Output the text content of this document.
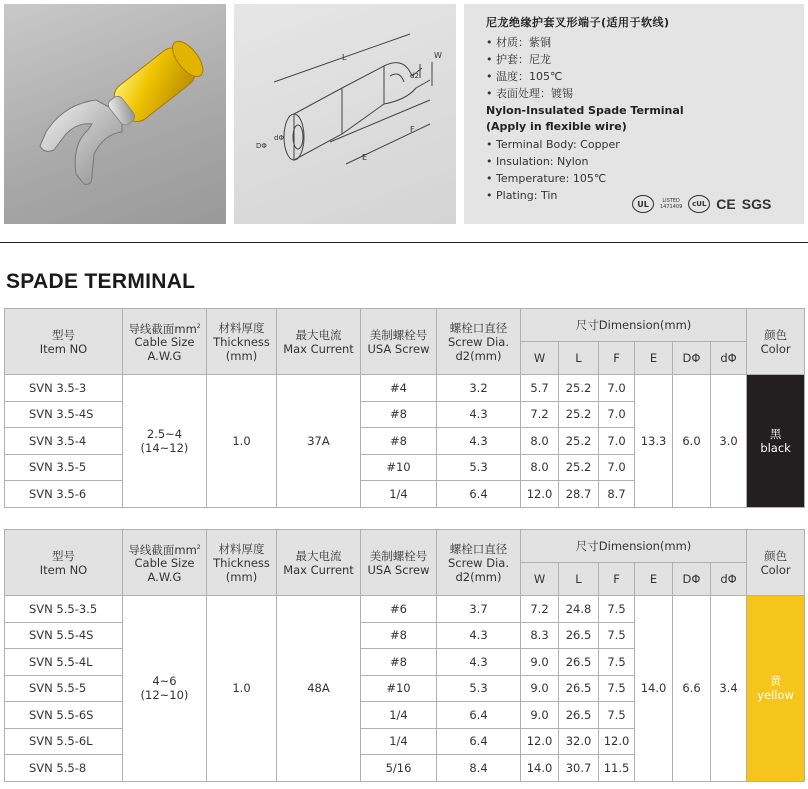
L	W
d2
F
E
DΦ
dΦ
尼龙绝缘护套叉形端子(适用于软线)
• 材质：紫铜
• 护套：尼龙
• 温度：105℃
• 表面处理：镀锡
Nylon-Insulated Spade Terminal
(Apply in flexible wire)
• Terminal Body: Copper
• Insulation: Nylon
• Temperature: 105℃
• Plating: Tin
UL	LISTED
1471409	cUL CE SGS
SPADE TERMINAL
型号
Item NO	导线截面$mm^2$
Cable Size
A.W.G	材料厚度
Thickness
(mm)	最大电流
Max Current	美制螺栓号
USA Screw	螺栓口直径
Screw Dia.
d2(mm)	尺寸Dimension(mm)						颜色
Color

						W	L	F	E	DΦ	dΦ	
SVN 3.5-3	2.5~4
(14~12)	1.0	37A	#4	3.2	5.7	25.2	7.0	13.3	6.0	3.0	黑
black

SVN 3.5-4S				#8	4.3	7.2	25.2	7.0				
SVN 3.5-4				#8	4.3	8.0	25.2	7.0				
SVN 3.5-5				#10	5.3	8.0	25.2	7.0				
SVN 3.5-6				1/4	6.4	12.0	28.7	8.7				
型号
Item NO	导线截面$mm^2$
Cable Size
A.W.G	材料厚度
Thickness
(mm)	最大电流
Max Current	美制螺栓号
USA Screw	螺栓口直径
Screw Dia.
d2(mm)	尺寸Dimension(mm)						颜色
Color

						W	L	F	E	DΦ	dΦ	
SVN 5.5-3.5	4~6
(12~10)	1.0	48A	#6	3.7	7.2	24.8	7.5	14.0	6.6	3.4	黄
yellow

SVN 5.5-4S				#8	4.3	8.3	26.5	7.5				
SVN 5.5-4L				#8	4.3	9.0	26.5	7.5				
SVN 5.5-5				#10	5.3	9.0	26.5	7.5				
SVN 5.5-6S				1/4	6.4	9.0	26.5	7.5				
SVN 5.5-6L				1/4	6.4	12.0	32.0	12.0				
SVN 5.5-8				5/16	8.4	14.0	30.7	11.5				
